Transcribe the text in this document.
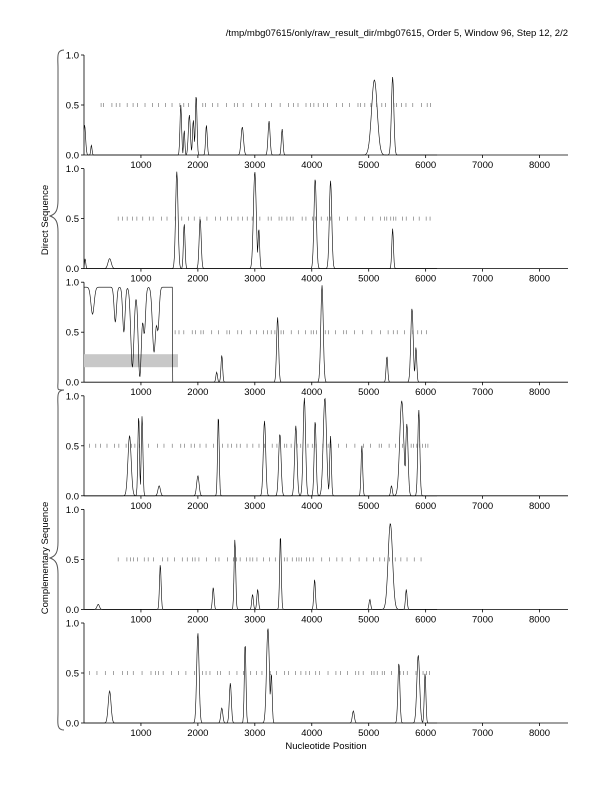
/tmp/mbg07615/only/raw_result_dir/mbg07615, Order 5, Window 96, Step 12, 2/2
Direct Sequence
Complementary Sequence
0.0
0.5
1.0
1000	2000	3000	4000	5000	6000	7000	8000
0.0
0.5
1.0
1000	2000	3000	4000	5000	6000	7000	8000
0.0
0.5
1.0
1000	2000	3000	4000	5000	6000	7000	8000
0.0
0.5
1.0
1000	2000	3000	4000	5000	6000	7000	8000
0.0
0.5
1.0
1000	2000	3000	4000	5000	6000	7000	8000
0.0
0.5
1.0
1000	2000	3000	4000	5000	6000	7000	8000
Nucleotide Position
